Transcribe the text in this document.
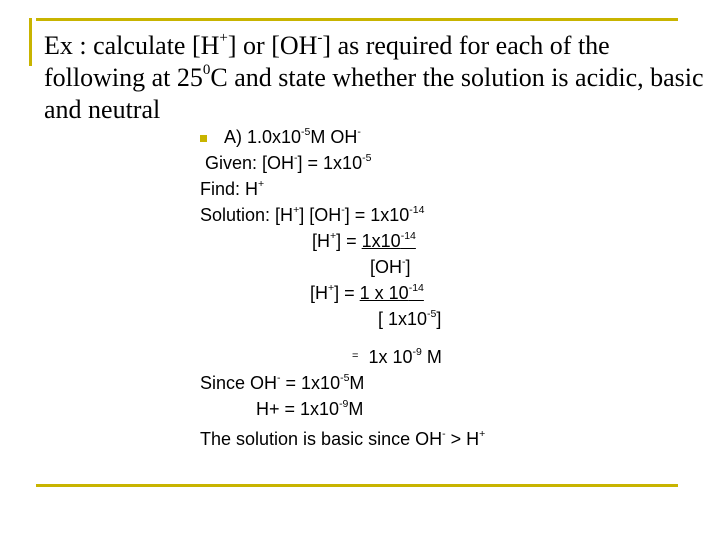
Ex : calculate [H+] or [OH-] as required for each of the following at $25^0C$ and state whether the solution is acidic, basic and neutral
A) $1.0x10^{-5}M$ OH-
Given: $[OH^-] = 1x10^{-5}$
Find: H+
Solution: [H+] $[OH^-] = 1x10^{-14}$
$[H^+] = 1x10^{-14}$
[OH-]
[H+] = 1 x $10^{-14}$
[ $1x10^{-5}$]
= 1x $10^{-9}$ M
Since $OH^- = 1x10^{-5}M$
$H+ = 1x10^{-9}M$
The solution is basic since OH- > H+
